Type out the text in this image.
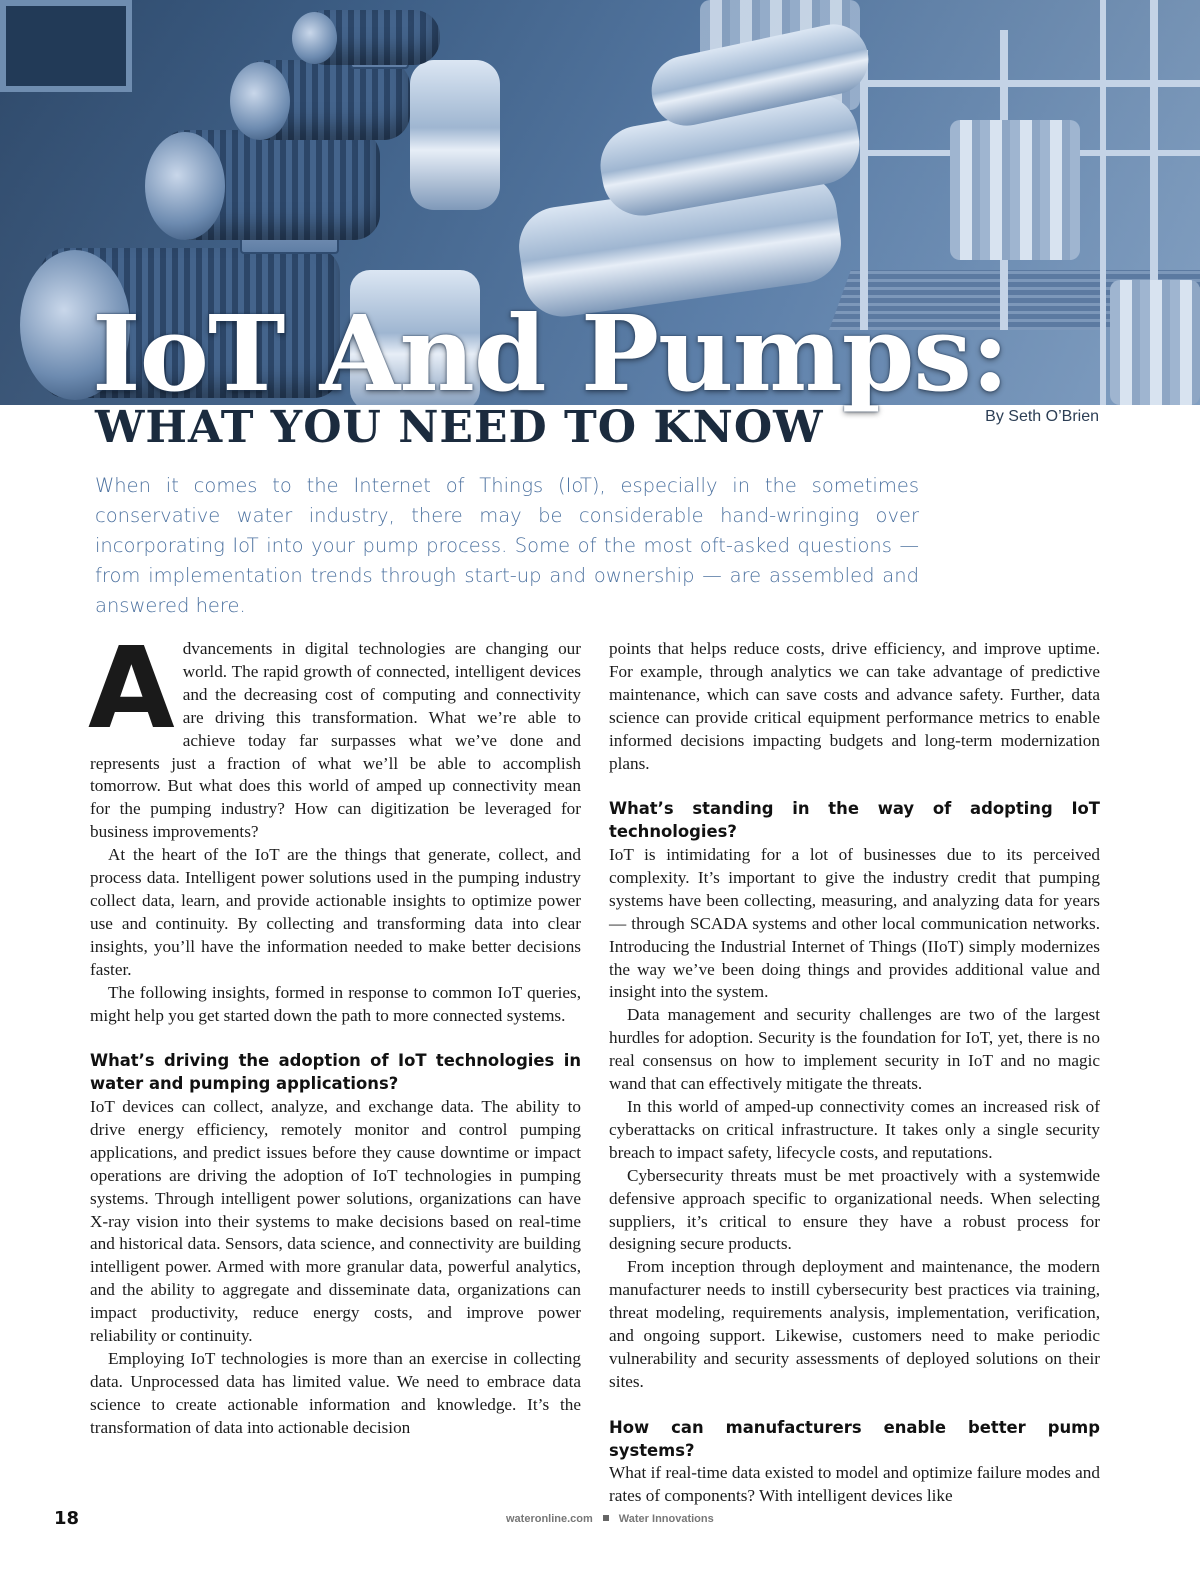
IoT And Pumps:
WHAT YOU NEED TO KNOW	By Seth O’Brien

When it comes to the Internet of Things (IoT), especially in the sometimes conservative water industry, there may be considerable hand-wringing over incorporating IoT into your pump process. Some of the most oft-asked questions — from implementation trends through start-up and ownership — are assembled and answered here.

Advancements in digital technologies are changing our world. The rapid growth of connected, intelligent devices and the decreasing cost of computing and connectivity are driving this transformation. What we’re able to achieve today far surpasses what we’ve done and represents just a fraction of what we’ll be able to accomplish tomorrow. But what does this world of amped up connectivity mean for the pumping industry? How can digitization be leveraged for business improvements?

At the heart of the IoT are the things that generate, collect, and process data. Intelligent power solutions used in the pumping industry collect data, learn, and provide actionable insights to optimize power use and continuity. By collecting and transforming data into clear insights, you’ll have the information needed to make better decisions faster.

The following insights, formed in response to common IoT queries, might help you get started down the path to more connected systems.

What’s driving the adoption of IoT technologies in water and pumping applications?

IoT devices can collect, analyze, and exchange data. The ability to drive energy efficiency, remotely monitor and control pumping applications, and predict issues before they cause downtime or impact operations are driving the adoption of IoT technologies in pumping systems. Through intelligent power solutions, organizations can have X-ray vision into their systems to make decisions based on real-time and historical data. Sensors, data science, and connectivity are building intelligent power. Armed with more granular data, powerful analytics, and the ability to aggregate and disseminate data, organizations can impact productivity, reduce energy costs, and improve power reliability or continuity.

Employing IoT technologies is more than an exercise in collecting data. Unprocessed data has limited value. We need to embrace data science to create actionable information and knowledge. It’s the transformation of data into actionable decision

points that helps reduce costs, drive efficiency, and improve uptime. For example, through analytics we can take advantage of predictive maintenance, which can save costs and advance safety. Further, data science can provide critical equipment performance metrics to enable informed decisions impacting budgets and long-term modernization plans.

What’s standing in the way of adopting IoT technologies?

IoT is intimidating for a lot of businesses due to its perceived complexity. It’s important to give the industry credit that pumping systems have been collecting, measuring, and analyzing data for years — through SCADA systems and other local communication networks. Introducing the Industrial Internet of Things (IIoT) simply modernizes the way we’ve been doing things and provides additional value and insight into the system.

Data management and security challenges are two of the largest hurdles for adoption. Security is the foundation for IoT, yet, there is no real consensus on how to implement security in IoT and no magic wand that can effectively mitigate the threats.

In this world of amped-up connectivity comes an increased risk of cyberattacks on critical infrastructure. It takes only a single security breach to impact safety, lifecycle costs, and reputations.

Cybersecurity threats must be met proactively with a systemwide defensive approach specific to organizational needs. When selecting suppliers, it’s critical to ensure they have a robust process for designing secure products.

From inception through deployment and maintenance, the modern manufacturer needs to instill cybersecurity best practices via training, threat modeling, requirements analysis, implementation, verification, and ongoing support. Likewise, customers need to make periodic vulnerability and security assessments of deployed solutions on their sites.

How can manufacturers enable better pump systems?

What if real-time data existed to model and optimize failure modes and rates of components? With intelligent devices like

18	wateronline.com Water Innovations
